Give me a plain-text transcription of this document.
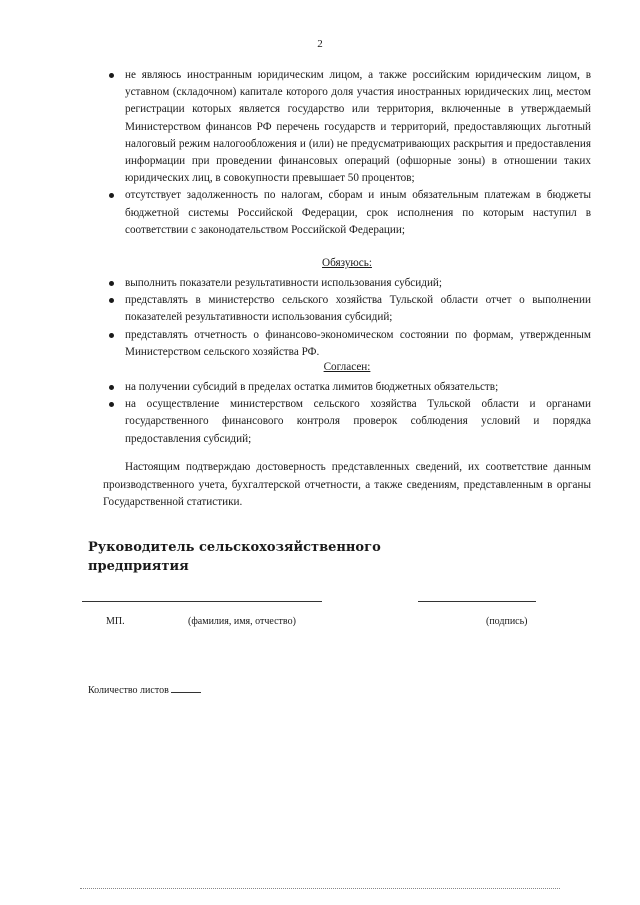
2
не являюсь иностранным юридическим лицом, а также российским юридическим лицом, в уставном (складочном) капитале которого доля участия иностранных юридических лиц, местом регистрации которых является государство или территория, включенные в утверждаемый Министерством финансов РФ перечень государств и территорий, предоставляющих льготный налоговый режим налогообложения и (или) не предусматривающих раскрытия и предоставления информации при проведении финансовых операций (офшорные зоны) в отношении таких юридических лиц, в совокупности превышает 50 процентов;
отсутствует задолженность по налогам, сборам и иным обязательным платежам в бюджеты бюджетной системы Российской Федерации, срок исполнения по которым наступил в соответствии с законодательством Российской Федерации;
Обязуюсь:
выполнить показатели результативности использования субсидий;
представлять в министерство сельского хозяйства Тульской области отчет о выполнении показателей результативности использования субсидий;
представлять отчетность о финансово-экономическом состоянии по формам, утвержденным Министерством сельского хозяйства РФ.
Согласен:
на получении субсидий в пределах остатка лимитов бюджетных обязательств;
на осуществление министерством сельского хозяйства Тульской области и органами государственного финансового контроля проверок соблюдения условий и порядка предоставления субсидий;
Настоящим подтверждаю достоверность представленных сведений, их соответствие данным производственного учета, бухгалтерской отчетности, а также сведениям, представленным в органы Государственной статистики.
Руководитель сельскохозяйственного
предприятия
МП.	(фамилия, имя, отчество)	(подпись)
Количество листов
